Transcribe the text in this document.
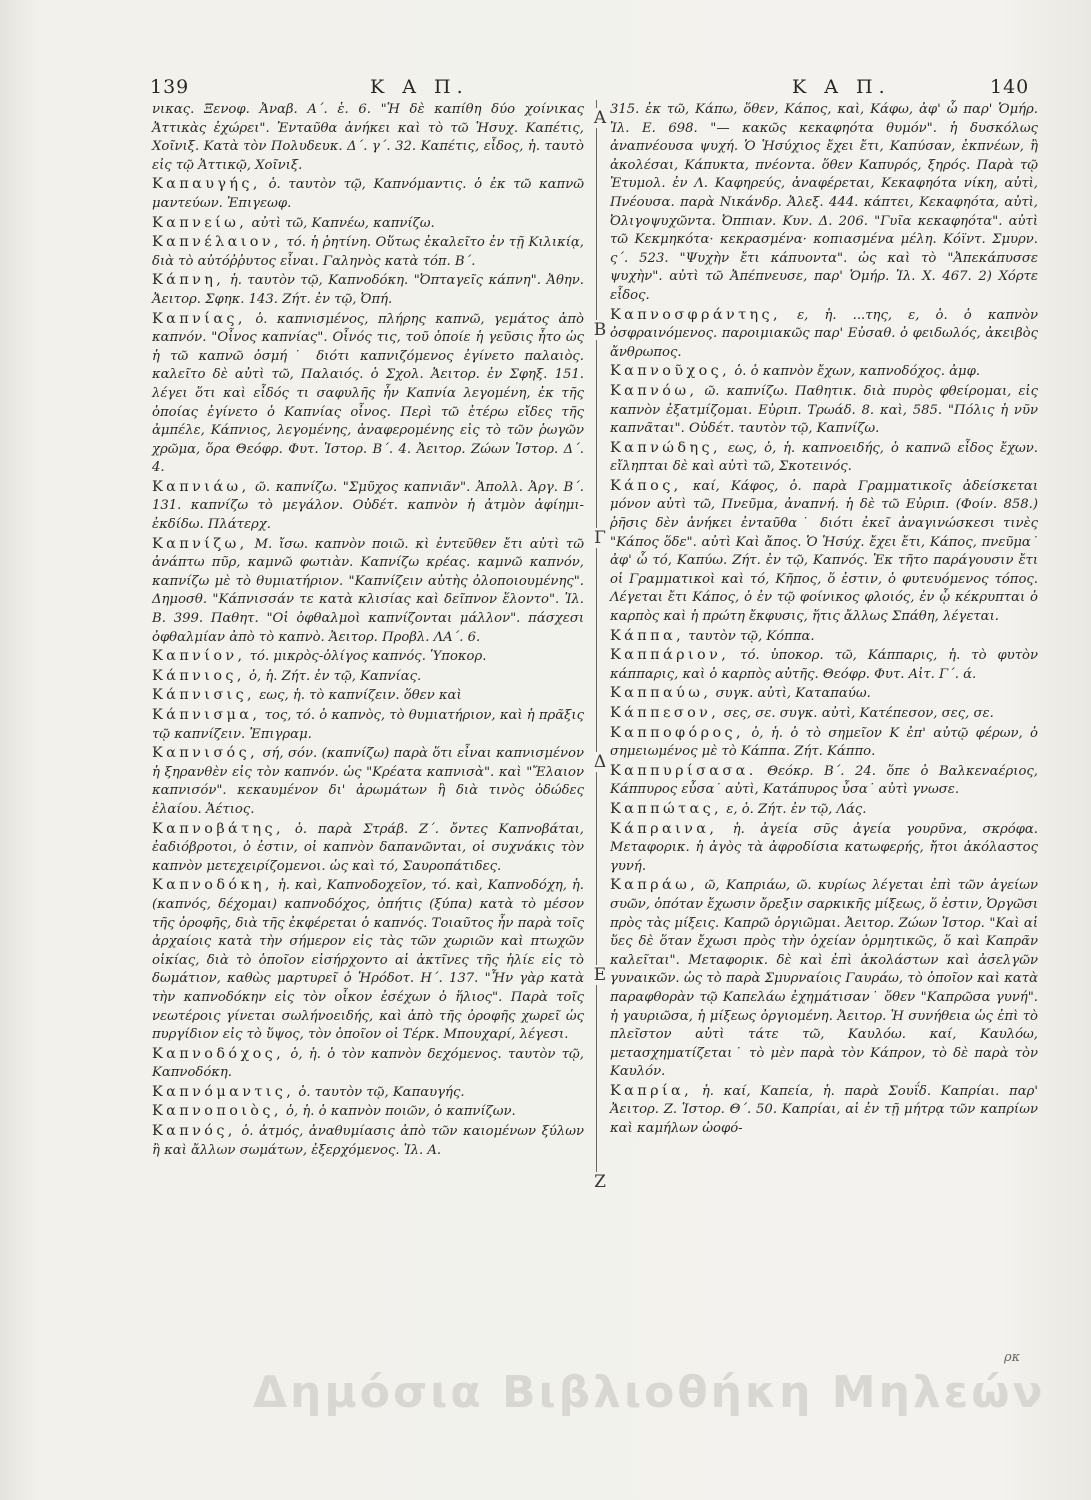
139	Κ Α Π.	Κ Α Π.	140

νικας. Ξενοφ. Ἀναβ. Α΄. ἑ. 6. "Ἡ δὲ καπίθη δύο χοίνικας Ἀττικὰς ἐχώρει". Ἐνταῦθα ἀνήκει καὶ τὸ τῶ Ἡσυχ. Καπέτις, Χοῖνιξ. Κατὰ τὸν Πολυδευκ. Δ΄. γ΄. 32. Καπέτις, εἶδος, ἡ. ταυτὸ εἰς τῷ Ἀττικῷ, Χοῖνιξ.

Καπαυγής, ὁ. ταυτὸν τῷ, Καπνόμαντις. ὁ ἐκ τῶ καπνῶ μαντεύων. Ἐπιγεωφ.

Καπνείω, αὐτὶ τῶ, Καπνέω, καπνίζω.

Καπνέλαιον, τό. ἡ ῥητίνη. Οὕτως ἐκαλεῖτο ἐν τῇ Κιλικίᾳ, διὰ τὸ αὐτόῤῥυτος εἶναι. Γαληνὸς κατὰ τόπ. Β΄.

Κάπνη, ἡ. ταυτὸν τῷ, Καπνοδόκη. "Ὀπταγεῖς κάπνη". Ἀθην. Ἀειτορ. Σφηκ. 143. Ζήτ. ἐν τῷ, Ὀπή.

Καπνίας, ὁ. καπνισμένος, πλήρης καπνῶ, γεμάτος ἀπὸ καπνόν. "Οἶνος καπνίας". Οἶνός τις, τοῦ ὁποίε ἡ γεῦσις ἦτο ὡς ἡ τῶ καπνῶ ὀσμή˙ διότι καπνιζόμενος ἐγίνετο παλαιὸς. καλεῖτο δὲ αὐτὶ τῶ, Παλαιός. ὁ Σχολ. Ἀειτορ. ἐν Σφηξ. 151. λέγει ὅτι καὶ εἶδός τι σαφυλῆς ἦν Καπνία λεγομένη, ἐκ τῆς ὁποίας ἐγίνετο ὁ Καπνίας οἶνος. Περὶ τῶ ἑτέρω εἴδες τῆς ἀμπέλε, Κάπνιος, λεγομένης, ἀναφερομένης εἰς τὸ τῶν ῥωγῶν χρῶμα, ὅρα Θεόφρ. Φυτ. Ἱστορ. Β΄. 4. Ἀειτορ. Ζώων Ἱστορ. Δ΄. 4.

Καπνιάω, ῶ. καπνίζω. "Σμῦχος καπνιᾶν". Ἀπολλ. Ἀργ. Β΄. 131. καπνίζω τὸ μεγάλον. Οὐδέτ. καπνὸν ἡ ἀτμὸν ἀφίημι-ἐκδίδω. Πλάτερχ.

Καπνίζω, Μ. ἴσω. καπνὸν ποιῶ. κὶ ἐντεῦθεν ἔτι αὐτὶ τῶ ἀνάπτω πῦρ, καμνῶ φωτιὰν. Καπνίζω κρέας. καμνῶ καπνόν, καπνίζω μὲ τὸ θυμιατήριον. "Καπνίζειν αὐτὴς ὀλοποιουμένης". Δημοσθ. "Κάπνισσάν τε κατὰ κλισίας καὶ δεῖπνον ἕλοντο". Ἰλ. Β. 399. Παθητ. "Οἱ ὀφθαλμοὶ καπνίζονται μάλλον". πάσχεσι ὀφθαλμίαν ἀπὸ τὸ καπνὸ. Ἀειτορ. Προβλ. ΛΑ΄. 6.

Καπνίον, τό. μικρὸς-ὀλίγος καπνός. Ὑποκορ.

Κάπνιος, ὁ, ἡ. Ζήτ. ἐν τῷ, Καπνίας.

Κάπνισις, εως, ἡ. τὸ καπνίζειν. ὅθεν καὶ

Κάπνισμα, τος, τό. ὁ καπνὸς, τὸ θυμιατήριον, καὶ ἡ πρᾶξις τῷ καπνίζειν. Ἐπιγραμ.

Καπνισός, σή, σόν. (καπνίζω) παρὰ ὅτι εἶναι καπνισμένον ἡ ξηρανθὲν εἰς τὸν καπνόν. ὡς "Κρέατα καπνισὰ". καὶ "Ἔλαιον καπνισόν". κεκαυμένον δι' ἀρωμάτων ἢ διὰ τινὸς ὀδώδες ἐλαίου. Ἀέτιος.

Καπνοβάτης, ὁ. παρὰ Στράβ. Ζ΄. ὄντες Καπνοβάται, ἐαδιόβροτοι, ὁ ἐστιν, οἱ καπνὸν δαπανῶνται, οἱ συχνάκις τὸν καπνὸν μετεχειρίζομενοι. ὡς καὶ τό, Σαυροπάτιδες.

Καπνοδόκη, ἡ. καὶ, Καπνοδοχεῖον, τό. καὶ, Καπνοδόχη, ἡ. (καπνός, δέχομαι) καπνοδόχος, ὀπήτις (ξύπα) κατὰ τὸ μέσον τῆς ὀροφῆς, διὰ τῆς ἐκφέρεται ὁ καπνός. Τοιαῦτος ἦν παρὰ τοῖς ἀρχαίοις κατὰ τὴν σήμερον εἰς τὰς τῶν χωριῶν καὶ πτωχῶν οἰκίας, διὰ τὸ ὁποῖον εἰσήρχοντο αἱ ἀκτῖνες τῆς ἡλίε εἰς τὸ δωμάτιον, καθὼς μαρτυρεῖ ὁ Ἡρόδοτ. Η΄. 137. "Ἦν γὰρ κατὰ τὴν καπνοδόκην εἰς τὸν οἶκον ἐσέχων ὁ ἥλιος". Παρὰ τοῖς νεωτέροις γίνεται σωλήνοειδής, καὶ ἀπὸ τῆς ὀροφῆς χωρεῖ ὡς πυργίδιον εἰς τὸ ὕψος, τὸν ὁποῖον οἱ Τέρκ. Μπουχαρί, λέγεσι.

Καπνοδόχος, ὁ, ἡ. ὁ τὸν καπνὸν δεχόμενος. ταυτὸν τῷ, Καπνοδόκη.

Καπνόμαντις, ὁ. ταυτὸν τῷ, Καπαυγής.

Καπνοποιὸς, ὁ, ἡ. ὁ καπνὸν ποιῶν, ὁ καπνίζων.

Καπνός, ὁ. ἀτμός, ἀναθυμίασις ἀπὸ τῶν καιομένων ξύλων ἢ καὶ ἄλλων σωμάτων, ἐξερχόμενος. Ἰλ. Α.

Α
Β
Γ
Δ
Ε
Ζ

315. ἐκ τῶ, Κάπω, ὅθεν, Κάπος, καὶ, Κάφω, ἀφ' ὧ παρ' Ὁμήρ. Ἰλ. Ε. 698. "— κακῶς κεκαφηότα θυμόν". ἡ δυσκόλως ἀναπνέουσα ψυχή. Ὁ Ἡσύχιος ἔχει ἔτι, Καπύσαν, ἐκπνέων, ἢ ἀκολέσαι, Κάπυκτα, πνέοντα. ὅθεν Καπυρός, ξηρός. Παρὰ τῷ Ἐτυμολ. ἐν Λ. Καφηρεύς, ἀναφέρεται, Κεκαφηότα νίκη, αὐτὶ, Πνέουσα. παρὰ Νικάνδρ. Ἀλεξ. 444. κάπτει, Κεκαφηότα, αὐτὶ, Ὀλιγοψυχῶντα. Ὀππιαν. Κυν. Δ. 206. "Γυῖα κεκαφηότα". αὐτὶ τῶ Κεκμηκότα· κεκρασμένα· κοπιασμένα μέλη. Κόϊντ. Σμυρν. ς΄. 523. "Ψυχὴν ἔτι κάπυοντα". ὡς καὶ τὸ "Ἀπεκάπυσσε ψυχὴν". αὐτὶ τῶ Ἀπέπνευσε, παρ' Ὁμήρ. Ἰλ. Χ. 467. 2) Χόρτε εἶδος.

Καπνοσφράντης, ε, ἡ. ...της, ε, ὁ. ὁ καπνὸν ὀσφραινόμενος. παροιμιακῶς παρ' Εὐσαθ. ὁ φειδωλός, ἀκειβὸς ἄνθρωπος.

Καπνοῦχος, ὁ. ὁ καπνὸν ἔχων, καπνοδόχος. ἀμφ.

Καπνόω, ῶ. καπνίζω. Παθητικ. διὰ πυρὸς φθείρομαι, εἰς καπνὸν ἐξατμίζομαι. Εὐριπ. Τρωάδ. 8. καὶ, 585. "Πόλις ἡ νῦν καπνᾶται". Οὐδέτ. ταυτὸν τῷ, Καπνίζω.

Καπνώδης, εως, ὁ, ἡ. καπνοειδής, ὁ καπνῶ εἶδος ἔχων. εἴληπται δὲ καὶ αὐτὶ τῶ, Σκοτεινός.

Κάπος, καί, Κάφος, ὁ. παρὰ Γραμματικοῖς ἀδείσκεται μόνον αὐτὶ τῶ, Πνεῦμα, ἀναπνή. ἡ δὲ τῶ Εὐριπ. (Φοίν. 858.) ῥῆσις δὲν ἀνήκει ἐνταῦθα˙ διότι ἐκεῖ ἀναγινώσκεσι τινὲς "Κάπος ὅδε". αὐτὶ Καὶ ἄπος. Ὁ Ἡσύχ. ἔχει ἔτι, Κάπος, πνεῦμα˙ ἀφ' ὧ τό, Καπύω. Ζήτ. ἐν τῷ, Καπνός. Ἐκ τῆτο παράγουσιν ἔτι οἱ Γραμματικοὶ καὶ τό, Κῆπος, ὅ ἐστιν, ὁ φυτευόμενος τόπος. Λέγεται ἔτι Κάπος, ὁ ἐν τῷ φοίνικος φλοιός, ἐν ᾧ κέκρυπται ὁ καρπὸς καὶ ἡ πρώτη ἔκφυσις, ἥτις ἄλλως Σπάθη, λέγεται.

Κάππα, ταυτὸν τῷ, Κόππα.

Καππάριον, τό. ὑποκορ. τῶ, Κάππαρις, ἡ. τὸ φυτὸν κάππαρις, καὶ ὁ καρπὸς αὐτῆς. Θεόφρ. Φυτ. Αἰτ. Γ΄. ά.

Καππαύω, συγκ. αὐτὶ, Καταπαύω.

Κάππεσον, σες, σε. συγκ. αὐτὶ, Κατέπεσον, σες, σε.

Καπποφόρος, ὁ, ἡ. ὁ τὸ σημεῖον Κ ἐπ' αὐτῷ φέρων, ὁ σημειωμένος μὲ τὸ Κάππα. Ζήτ. Κάππο.

Καππυρίσασα. Θεόκρ. Β΄. 24. ὅπε ὁ Βαλκεναέριος, Κάππυρος εὖσα˙ αὐτὶ, Κατάπυρος ὖσα˙ αὐτὶ γνωσε.

Καππώτας, ε, ὁ. Ζήτ. ἐν τῷ, Λάς.

Κάπραινα, ἡ. ἀγεία σῦς ἀγεία γουρῦνα, σκρόφα. Μεταφορικ. ἡ ἀγὸς τὰ ἀφροδίσια κατωφερής, ἤτοι ἀκόλαστος γυνή.

Καπράω, ῶ, Καπριάω, ῶ. κυρίως λέγεται ἐπὶ τῶν ἀγείων συῶν, ὁπόταν ἔχωσιν ὄρεξιν σαρκικῆς μίξεως, ὅ ἐστιν, Ὀργῶσι πρὸς τὰς μίξεις. Καπρῶ ὀργιῶμαι. Ἀειτορ. Ζώων Ἱστορ. "Καὶ αἱ ὕες δὲ ὅταν ἔχωσι πρὸς τὴν ὀχείαν ὁρμητικῶς, ὅ καὶ Καπρᾶν καλεῖται". Μεταφορικ. δὲ καὶ ἐπὶ ἀκολάστων καὶ ἀσελγῶν γυναικῶν. ὡς τὸ παρὰ Σμυρναίοις Γαυράω, τὸ ὁποῖον καὶ κατὰ παραφθορὰν τῷ Καπελάω ἐχημάτισαν˙ ὅθεν "Καπρῶσα γυνή". ἡ γαυριῶσα, ἡ μίξεως ὀργιομένη. Ἀειτορ. Ἡ συνήθεια ὡς ἐπὶ τὸ πλεῖστον αὐτὶ τάτε τῶ, Καυλόω. καί, Καυλόω, μετασχηματίζεται˙ τὸ μὲν παρὰ τὸν Κάπρον, τὸ δὲ παρὰ τὸν Καυλόν.

Καπρία, ἡ. καί, Καπεία, ἡ. παρὰ Σουΐδ. Καπρίαι. παρ' Ἀειτορ. Ζ. Ἱστορ. Θ΄. 50. Καπρίαι, αἱ ἐν τῇ μήτρᾳ τῶν καπρίων καὶ καμήλων ὠοφό-

ρκ
Δημόσια Βιβλιοθήκη Μηλεών
